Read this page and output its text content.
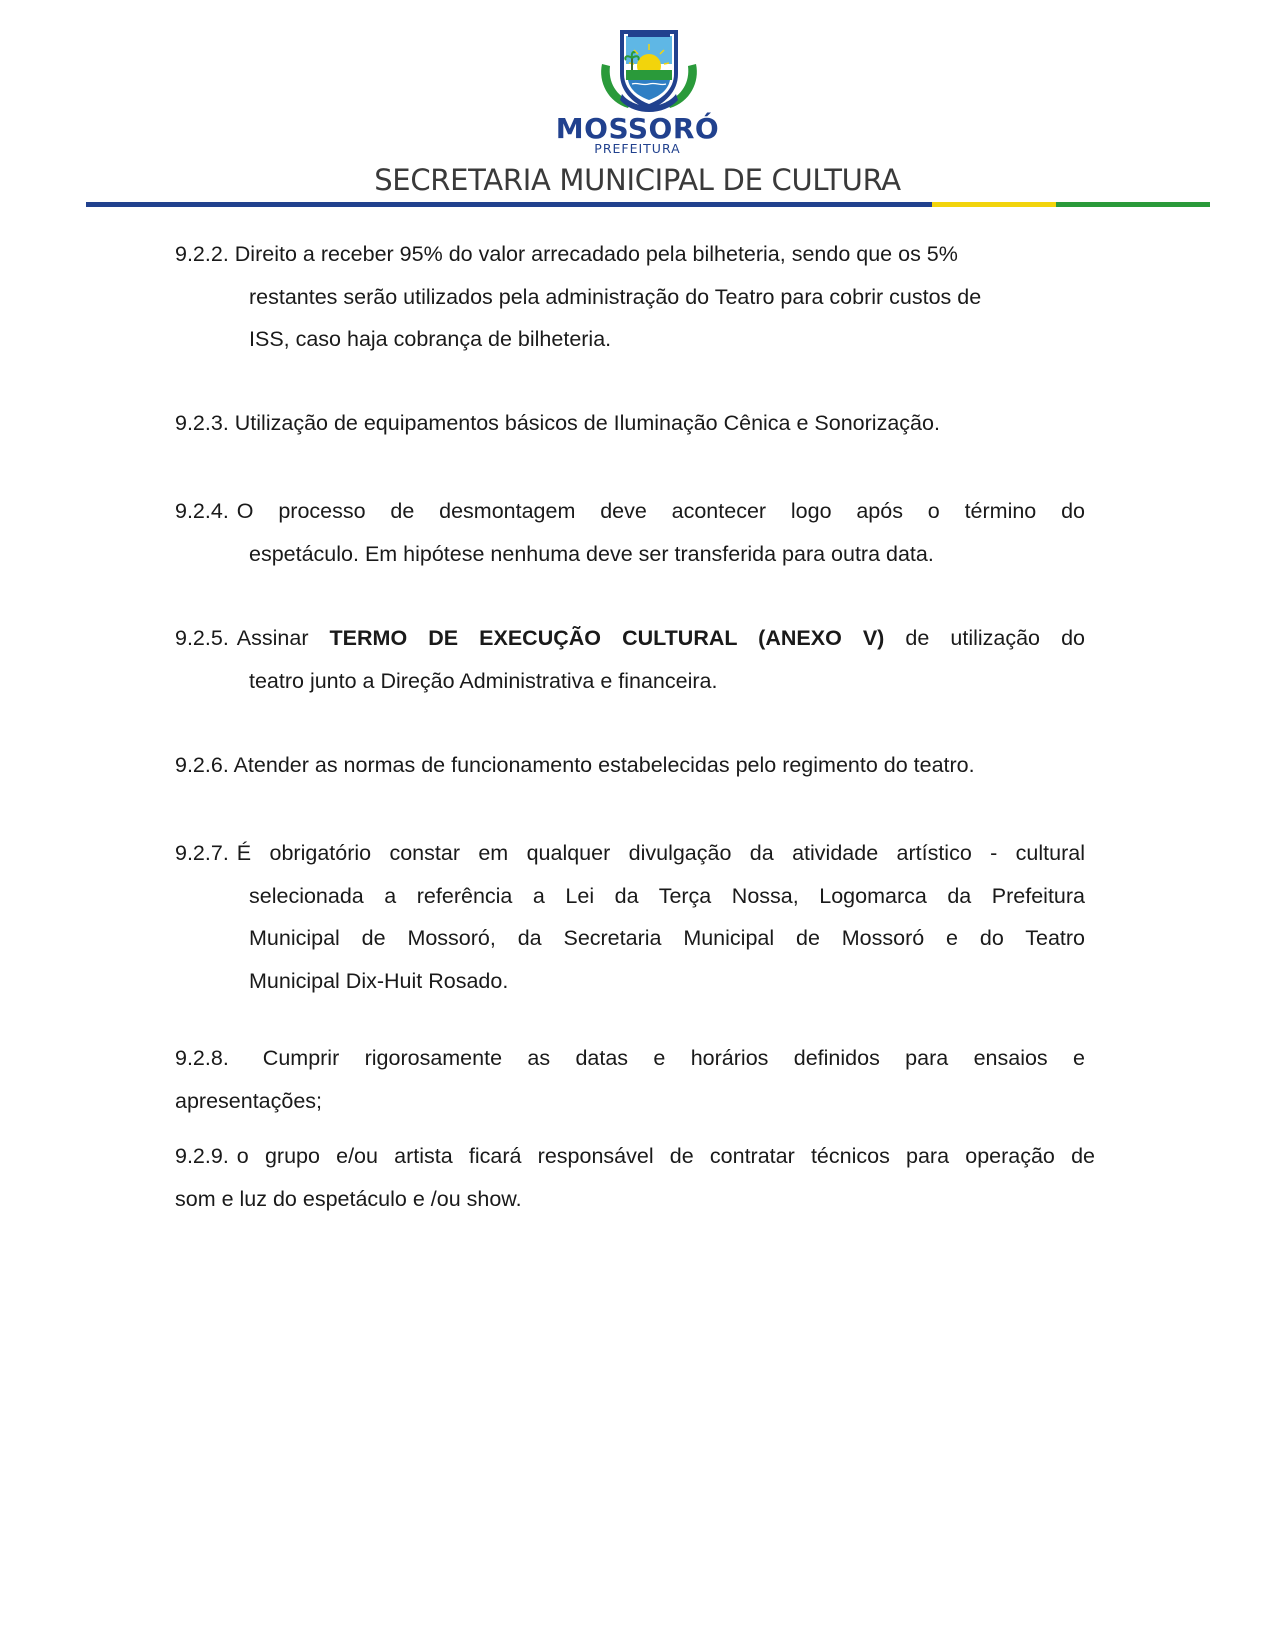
MOSSORÓ
PREFEITURA
SECRETARIA MUNICIPAL DE CULTURA
9.2.2. Direito a receber 95% do valor arrecadado pela bilheteria, sendo que os 5%
restantes serão utilizados pela administração do Teatro para cobrir custos de
ISS, caso haja cobrança de bilheteria.
9.2.3. Utilização de equipamentos básicos de Iluminação Cênica e Sonorização.
9.2.4. O processo de desmontagem deve acontecer logo após o término do
espetáculo. Em hipótese nenhuma deve ser transferida para outra data.
9.2.5. Assinar TERMO DE EXECUÇÃO CULTURAL (ANEXO V) de utilização do
teatro junto a Direção Administrativa e financeira.
9.2.6. Atender as normas de funcionamento estabelecidas pelo regimento do teatro.
9.2.7. É obrigatório constar em qualquer divulgação da atividade artístico - cultural
selecionada a referência a Lei da Terça Nossa, Logomarca da Prefeitura
Municipal de Mossoró, da Secretaria Municipal de Mossoró e do Teatro
Municipal Dix-Huit Rosado.
9.2.8. Cumprir rigorosamente as datas e horários definidos para ensaios e
apresentações;
9.2.9. o grupo e/ou artista ficará responsável de contratar técnicos para operação de
som e luz do espetáculo e /ou show.
